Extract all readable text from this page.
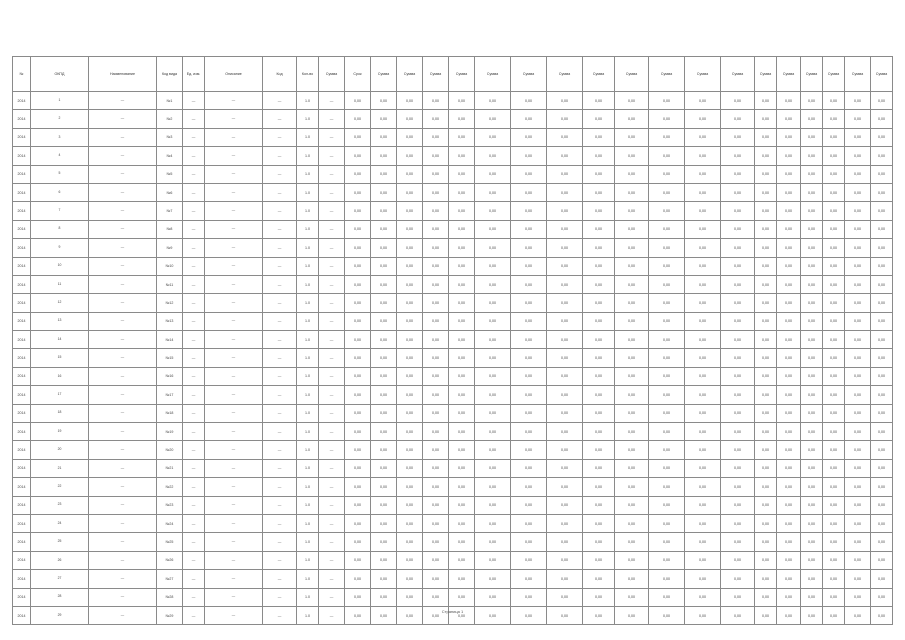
№	ОКПД	Наименование	Код вида	Ед. изм.	Описание	Код	Кол-во	Сумма	Срок	Сумма	Сумма	Сумма	Сумма	Сумма	Сумма	Сумма	Сумма	Сумма	Сумма	Сумма	Сумма	Сумма	Сумма	Сумма	Сумма	Сумма	Сумма
2014	1	—	№1	—	—	—	1.0	—	0,00	0,00	0,00	0,00	0,00	0,00	0,00	0,00	0,00	0,00	0,00	0,00	0,00	0,00	0,00	0,00	0,00	0,00	0,00
2014	2	—	№2	—	—	—	1.0	—	0,00	0,00	0,00	0,00	0,00	0,00	0,00	0,00	0,00	0,00	0,00	0,00	0,00	0,00	0,00	0,00	0,00	0,00	0,00
2014	3	—	№3	—	—	—	1.0	—	0,00	0,00	0,00	0,00	0,00	0,00	0,00	0,00	0,00	0,00	0,00	0,00	0,00	0,00	0,00	0,00	0,00	0,00	0,00
2014	4	—	№4	—	—	—	1.0	—	0,00	0,00	0,00	0,00	0,00	0,00	0,00	0,00	0,00	0,00	0,00	0,00	0,00	0,00	0,00	0,00	0,00	0,00	0,00
2014	5	—	№5	—	—	—	1.0	—	0,00	0,00	0,00	0,00	0,00	0,00	0,00	0,00	0,00	0,00	0,00	0,00	0,00	0,00	0,00	0,00	0,00	0,00	0,00
2014	6	—	№6	—	—	—	1.0	—	0,00	0,00	0,00	0,00	0,00	0,00	0,00	0,00	0,00	0,00	0,00	0,00	0,00	0,00	0,00	0,00	0,00	0,00	0,00
2014	7	—	№7	—	—	—	1.0	—	0,00	0,00	0,00	0,00	0,00	0,00	0,00	0,00	0,00	0,00	0,00	0,00	0,00	0,00	0,00	0,00	0,00	0,00	0,00
2014	8	—	№8	—	—	—	1.0	—	0,00	0,00	0,00	0,00	0,00	0,00	0,00	0,00	0,00	0,00	0,00	0,00	0,00	0,00	0,00	0,00	0,00	0,00	0,00
2014	9	—	№9	—	—	—	1.0	—	0,00	0,00	0,00	0,00	0,00	0,00	0,00	0,00	0,00	0,00	0,00	0,00	0,00	0,00	0,00	0,00	0,00	0,00	0,00
2014	10	—	№10	—	—	—	1.0	—	0,00	0,00	0,00	0,00	0,00	0,00	0,00	0,00	0,00	0,00	0,00	0,00	0,00	0,00	0,00	0,00	0,00	0,00	0,00
2014	11	—	№11	—	—	—	1.0	—	0,00	0,00	0,00	0,00	0,00	0,00	0,00	0,00	0,00	0,00	0,00	0,00	0,00	0,00	0,00	0,00	0,00	0,00	0,00
2014	12	—	№12	—	—	—	1.0	—	0,00	0,00	0,00	0,00	0,00	0,00	0,00	0,00	0,00	0,00	0,00	0,00	0,00	0,00	0,00	0,00	0,00	0,00	0,00
2014	13	—	№13	—	—	—	1.0	—	0,00	0,00	0,00	0,00	0,00	0,00	0,00	0,00	0,00	0,00	0,00	0,00	0,00	0,00	0,00	0,00	0,00	0,00	0,00
2014	14	—	№14	—	—	—	1.0	—	0,00	0,00	0,00	0,00	0,00	0,00	0,00	0,00	0,00	0,00	0,00	0,00	0,00	0,00	0,00	0,00	0,00	0,00	0,00
2014	15	—	№15	—	—	—	1.0	—	0,00	0,00	0,00	0,00	0,00	0,00	0,00	0,00	0,00	0,00	0,00	0,00	0,00	0,00	0,00	0,00	0,00	0,00	0,00
2014	16	—	№16	—	—	—	1.0	—	0,00	0,00	0,00	0,00	0,00	0,00	0,00	0,00	0,00	0,00	0,00	0,00	0,00	0,00	0,00	0,00	0,00	0,00	0,00
2014	17	—	№17	—	—	—	1.0	—	0,00	0,00	0,00	0,00	0,00	0,00	0,00	0,00	0,00	0,00	0,00	0,00	0,00	0,00	0,00	0,00	0,00	0,00	0,00
2014	18	—	№18	—	—	—	1.0	—	0,00	0,00	0,00	0,00	0,00	0,00	0,00	0,00	0,00	0,00	0,00	0,00	0,00	0,00	0,00	0,00	0,00	0,00	0,00
2014	19	—	№19	—	—	—	1.0	—	0,00	0,00	0,00	0,00	0,00	0,00	0,00	0,00	0,00	0,00	0,00	0,00	0,00	0,00	0,00	0,00	0,00	0,00	0,00
2014	20	—	№20	—	—	—	1.0	—	0,00	0,00	0,00	0,00	0,00	0,00	0,00	0,00	0,00	0,00	0,00	0,00	0,00	0,00	0,00	0,00	0,00	0,00	0,00
2014	21	—	№21	—	—	—	1.0	—	0,00	0,00	0,00	0,00	0,00	0,00	0,00	0,00	0,00	0,00	0,00	0,00	0,00	0,00	0,00	0,00	0,00	0,00	0,00
2014	22	—	№22	—	—	—	1.0	—	0,00	0,00	0,00	0,00	0,00	0,00	0,00	0,00	0,00	0,00	0,00	0,00	0,00	0,00	0,00	0,00	0,00	0,00	0,00
2014	23	—	№23	—	—	—	1.0	—	0,00	0,00	0,00	0,00	0,00	0,00	0,00	0,00	0,00	0,00	0,00	0,00	0,00	0,00	0,00	0,00	0,00	0,00	0,00
2014	24	—	№24	—	—	—	1.0	—	0,00	0,00	0,00	0,00	0,00	0,00	0,00	0,00	0,00	0,00	0,00	0,00	0,00	0,00	0,00	0,00	0,00	0,00	0,00
2014	25	—	№25	—	—	—	1.0	—	0,00	0,00	0,00	0,00	0,00	0,00	0,00	0,00	0,00	0,00	0,00	0,00	0,00	0,00	0,00	0,00	0,00	0,00	0,00
2014	26	—	№26	—	—	—	1.0	—	0,00	0,00	0,00	0,00	0,00	0,00	0,00	0,00	0,00	0,00	0,00	0,00	0,00	0,00	0,00	0,00	0,00	0,00	0,00
2014	27	—	№27	—	—	—	1.0	—	0,00	0,00	0,00	0,00	0,00	0,00	0,00	0,00	0,00	0,00	0,00	0,00	0,00	0,00	0,00	0,00	0,00	0,00	0,00
2014	28	—	№28	—	—	—	1.0	—	0,00	0,00	0,00	0,00	0,00	0,00	0,00	0,00	0,00	0,00	0,00	0,00	0,00	0,00	0,00	0,00	0,00	0,00	0,00
2014	29	—	№29	—	—	—	1.0	—	0,00	0,00	0,00	0,00	0,00	0,00	0,00	0,00	0,00	0,00	0,00	0,00	0,00	0,00	0,00	0,00	0,00	0,00	0,00
Страница 1
